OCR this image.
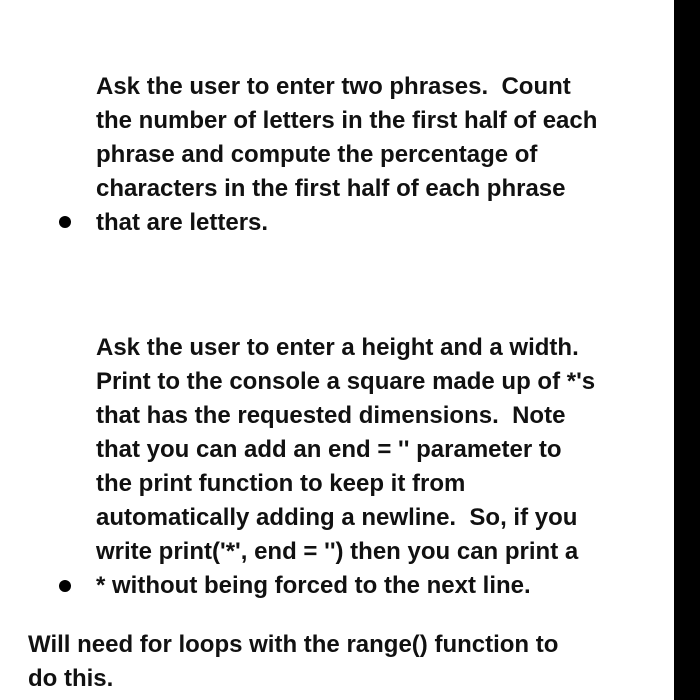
Ask the user to enter two phrases.  Count
the number of letters in the first half of each
phrase and compute the percentage of
characters in the first half of each phrase
that are letters.

Ask the user to enter a height and a width.
Print to the console a square made up of *'s
that has the requested dimensions.  Note
that you can add an end = '' parameter to
the print function to keep it from
automatically adding a newline.  So, if you
write print('*', end = '') then you can print a
* without being forced to the next line.

Will need for loops with the range() function to
do this.
